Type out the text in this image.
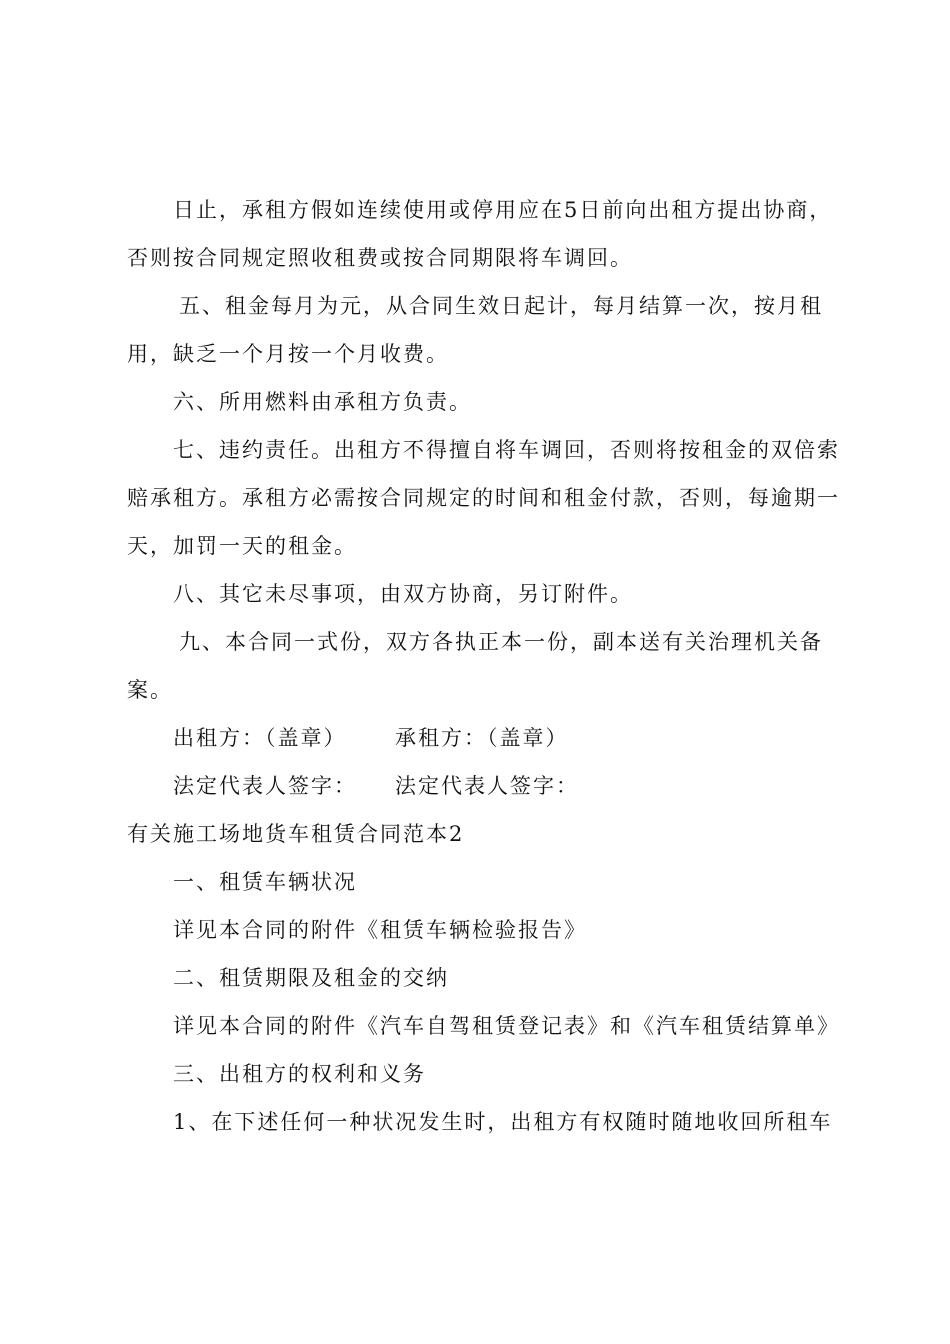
日止，承租方假如连续使用或停用应在5日前向出租方提出协商，

否则按合同规定照收租费或按合同期限将车调回。

五、租金每月为元，从合同生效日起计，每月结算一次，按月租

用，缺乏一个月按一个月收费。

六、所用燃料由承租方负责。

七、违约责任。出租方不得擅自将车调回，否则将按租金的双倍索

赔承租方。承租方必需按合同规定的时间和租金付款，否则，每逾期一

天，加罚一天的租金。

八、其它未尽事项，由双方协商，另订附件。

九、本合同一式份，双方各执正本一份，副本送有关治理机关备

案。

出租方：（盖章）	承租方：（盖章）
法定代表人签字：	法定代表人签字：

有关施工场地货车租赁合同范本2

一、租赁车辆状况

详见本合同的附件《租赁车辆检验报告》

二、租赁期限及租金的交纳

详见本合同的附件《汽车自驾租赁登记表》和《汽车租赁结算单》

三、出租方的权利和义务

1、在下述任何一种状况发生时，出租方有权随时随地收回所租车
